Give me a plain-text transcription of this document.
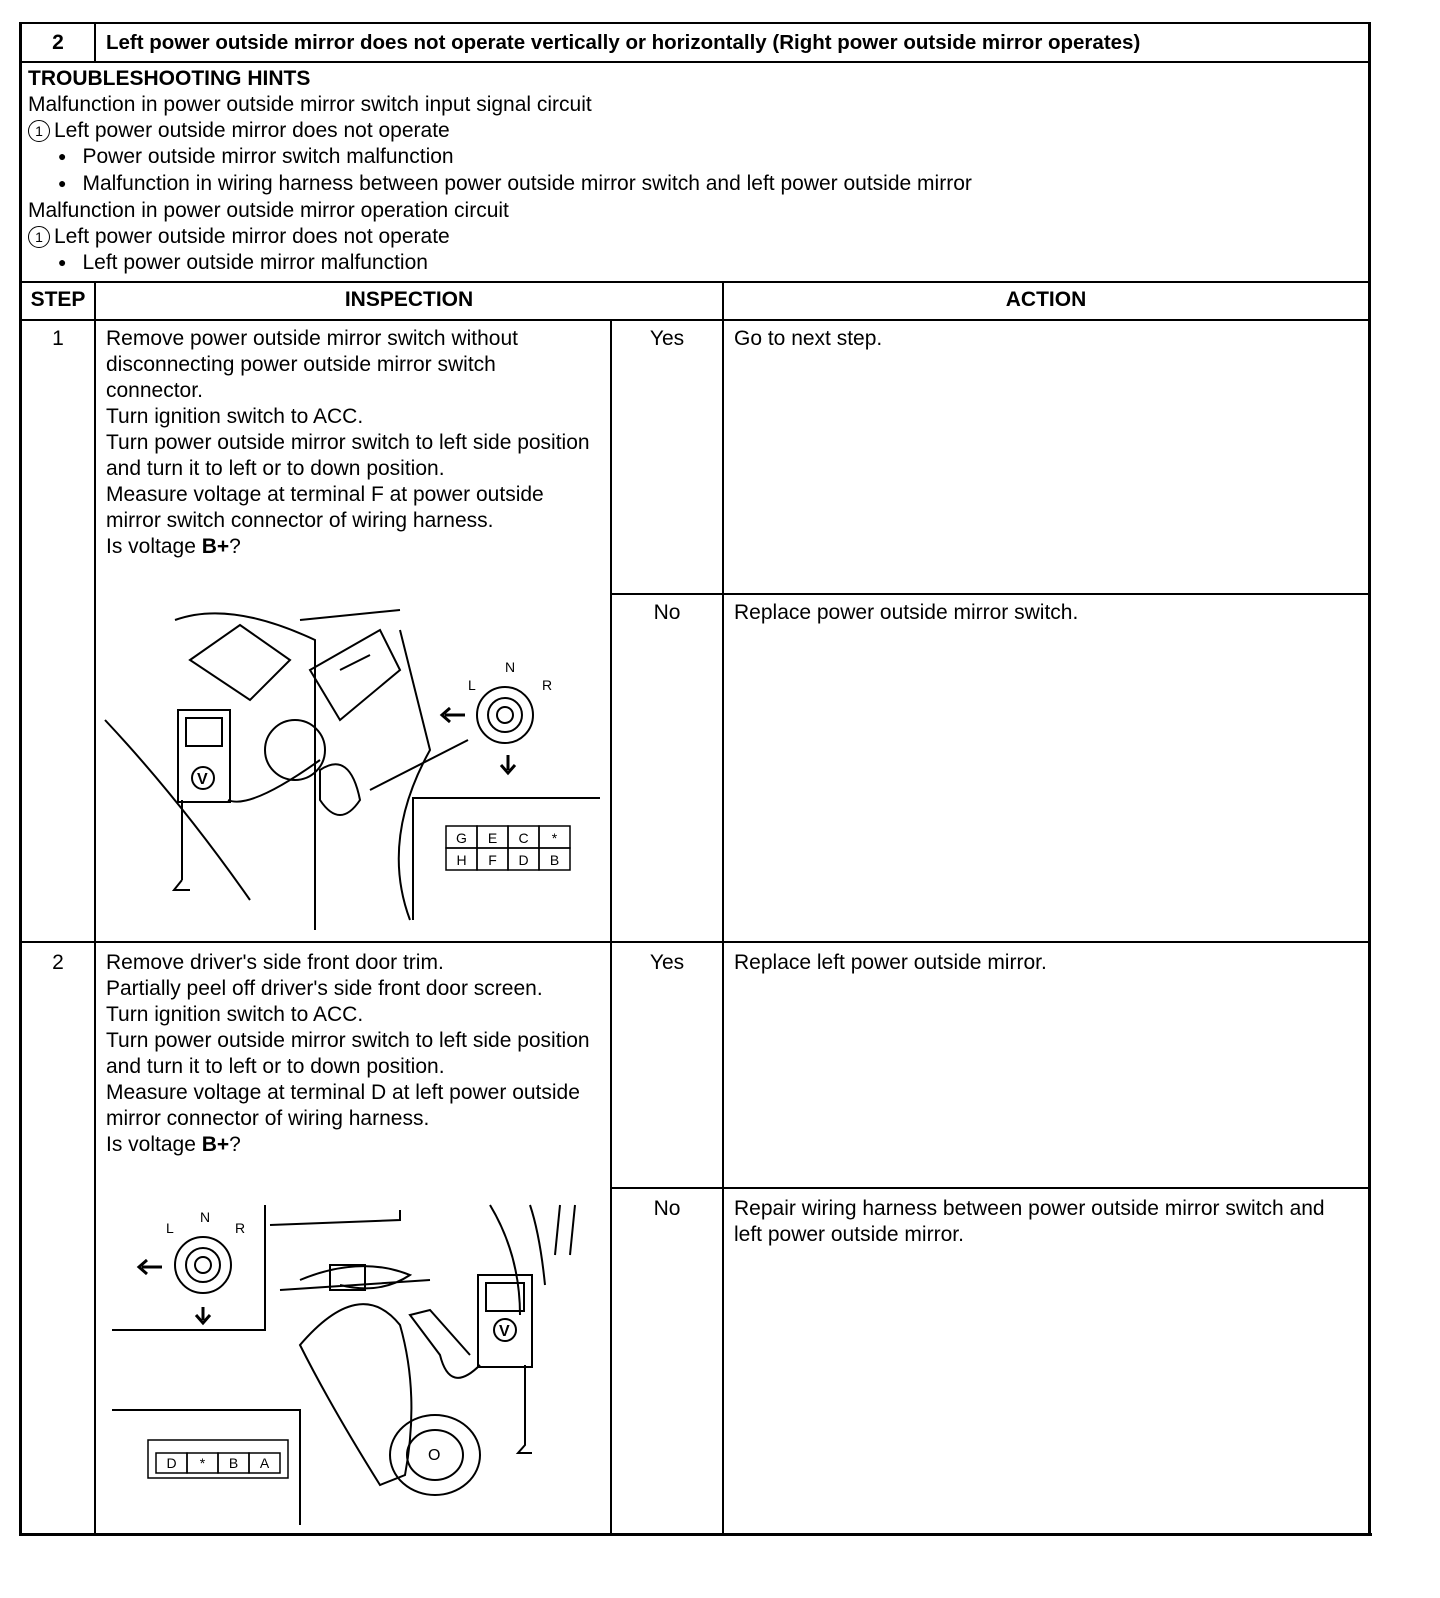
2	Left power outside mirror does not operate vertically or horizontally (Right power outside mirror operates)
TROUBLESHOOTING HINTS
Malfunction in power outside mirror switch input signal circuit
1 Left power outside mirror does not operate
● Power outside mirror switch malfunction
● Malfunction in wiring harness between power outside mirror switch and left power outside mirror
Malfunction in power outside mirror operation circuit
1 Left power outside mirror does not operate
● Left power outside mirror malfunction
STEP	INSPECTION	ACTION
1	Remove power outside mirror switch without disconnecting power outside mirror switch connector.

Turn ignition switch to ACC.

Turn power outside mirror switch to left side position and turn it to left or to down position.

Measure voltage at terminal F at power outside mirror switch connector of wiring harness.

Is voltage B+?

Yes	Go to next step.
No	Replace power outside mirror switch.
V
L
N
R
G E C *
H F D B
2	Remove driver's side front door trim.

Partially peel off driver's side front door screen.

Turn ignition switch to ACC.

Turn power outside mirror switch to left side position and turn it to left or to down position.

Measure voltage at terminal D at left power outside mirror connector of wiring harness.

Is voltage B+?

Yes	Replace left power outside mirror.
No	Repair wiring harness between power outside mirror switch and left power outside mirror.
L
N
R
O
V
D * B A
